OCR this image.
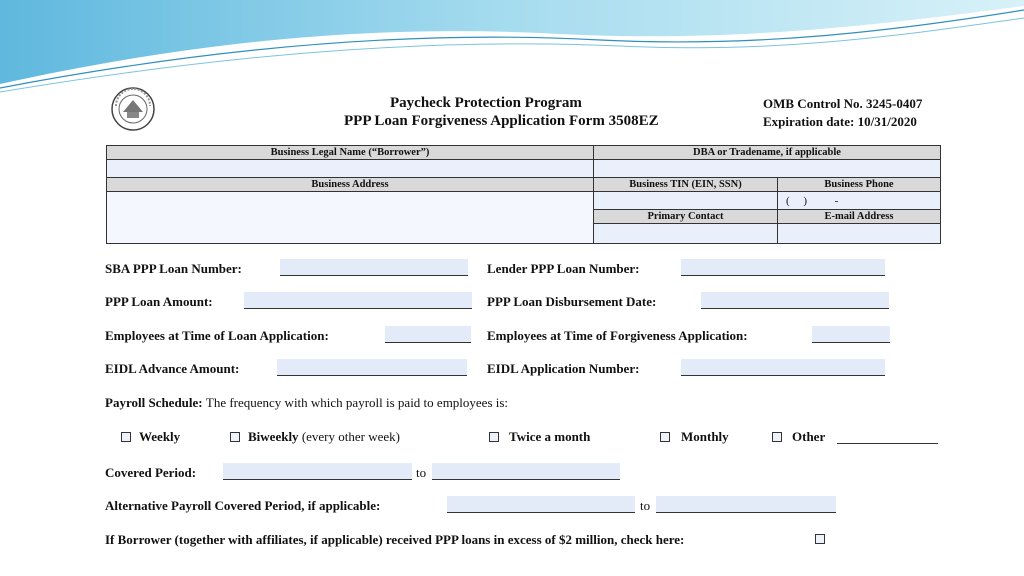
Paycheck Protection Program
PPP Loan Forgiveness Application Form 3508EZ
OMB Control No. 3245-0407
Expiration date: 10/31/2020
Business Legal Name (“Borrower”)	DBA or Tradename, if applicable
Business Address	Business TIN (EIN, SSN)	Business Phone
(     )          -
Primary Contact	E-mail Address
SBA PPP Loan Number:	Lender PPP Loan Number:
PPP Loan Amount:	PPP Loan Disbursement Date:
Employees at Time of Loan Application:	Employees at Time of Forgiveness Application:
EIDL Advance Amount:	EIDL Application Number:
Payroll Schedule: The frequency with which payroll is paid to employees is:
Weekly	Biweekly (every other week)	Twice a month	Monthly	Other
Covered Period:	to
Alternative Payroll Covered Period, if applicable:	to
If Borrower (together with affiliates, if applicable) received PPP loans in excess of $2 million, check here:
